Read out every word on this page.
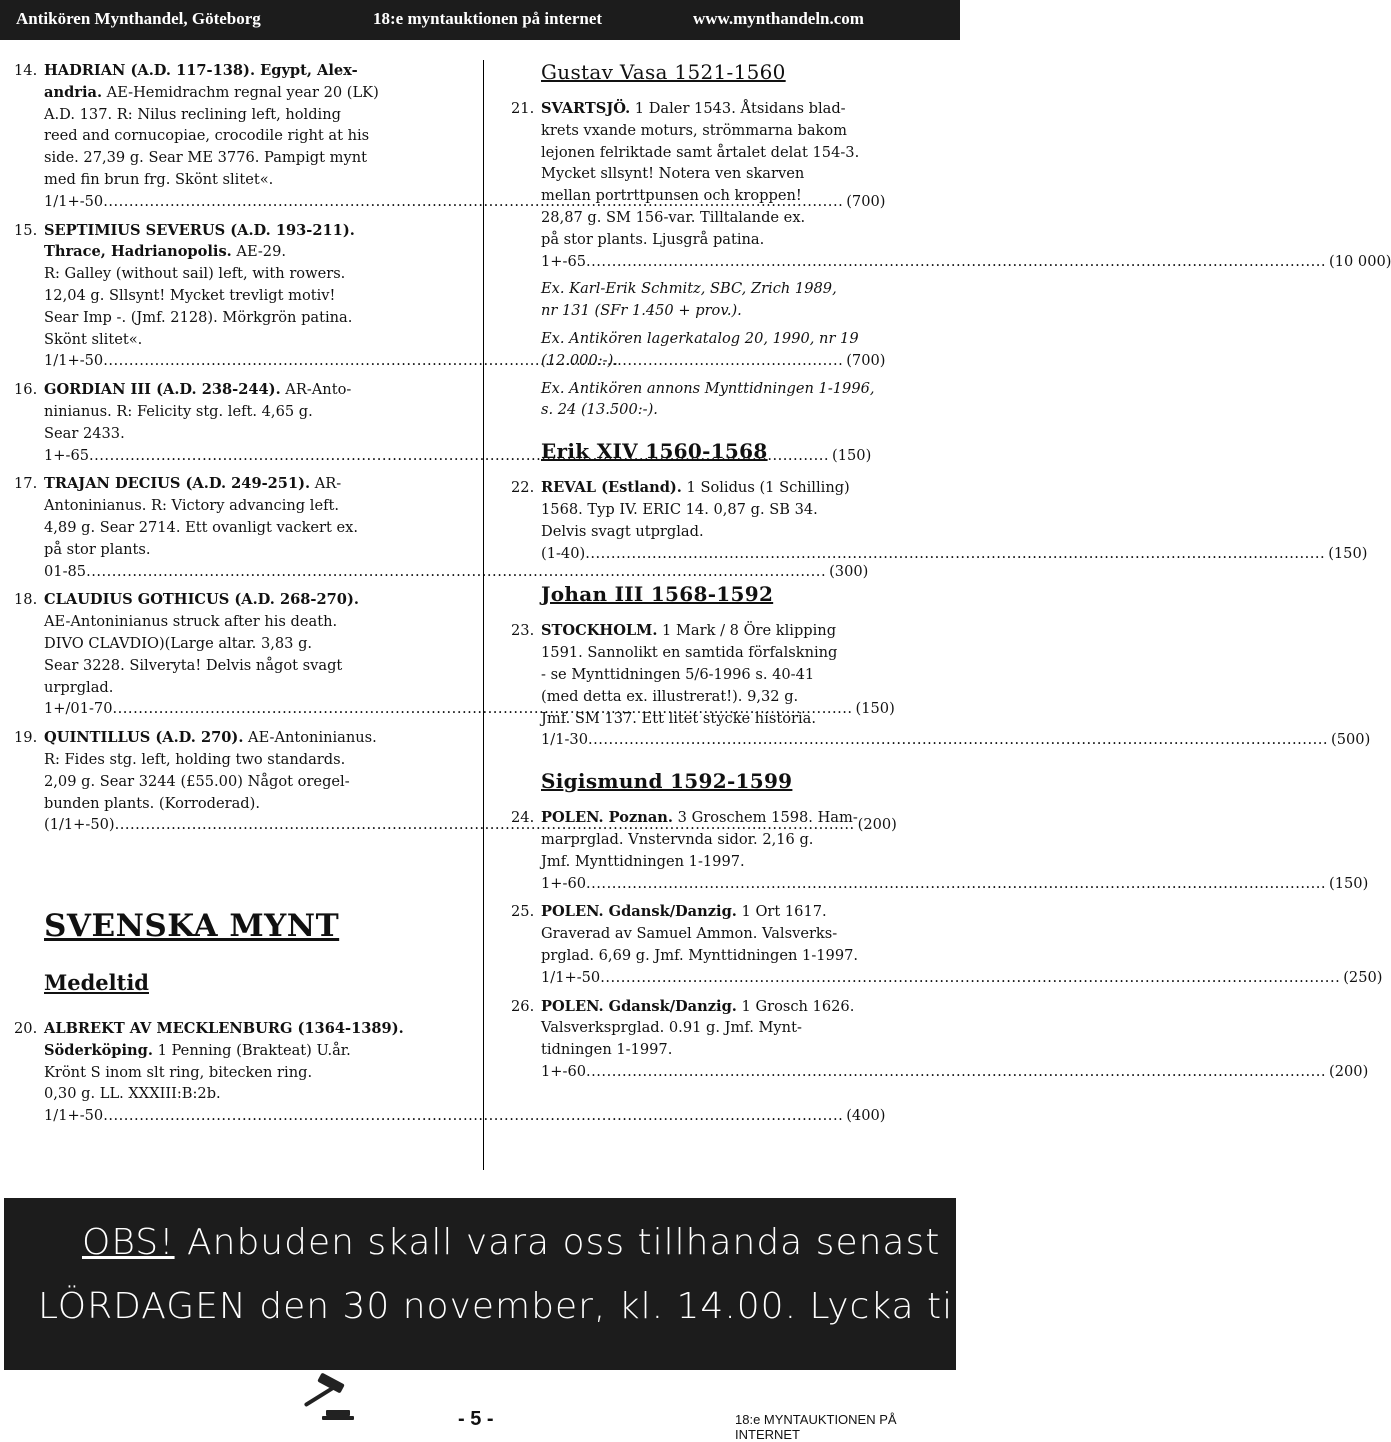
Antikören Mynthandel, Göteborg	18:e myntauktionen på internet	www.mynthandeln.com
14. HADRIAN (A.D. 117-138). Egypt, Alex-
andria. AE-Hemidrachm regnal year 20 (LK)
A.D. 137. R: Nilus reclining left, holding
reed and cornucopiae, crocodile right at his
side. 27,39 g. Sear ME 3776. Pampigt mynt
med fin brun frg. Skönt slitet«.
1/1+-50 .....	(700)
15. SEPTIMIUS SEVERUS (A.D. 193-211).
Thrace, Hadrianopolis. AE-29.
R: Galley (without sail) left, with rowers.
12,04 g. Sllsynt! Mycket trevligt motiv!
Sear Imp -. (Jmf. 2128). Mörkgrön patina.
Skönt slitet«.
1/1+-50 .....	(700)
16. GORDIAN III (A.D. 238-244). AR-Anto-
ninianus. R: Felicity stg. left. 4,65 g.
Sear 2433.
1+-65 .....	(150)
17. TRAJAN DECIUS (A.D. 249-251). AR-
Antoninianus. R: Victory advancing left.
4,89 g. Sear 2714. Ett ovanligt vackert ex.
på stor plants.
01-85 .....	(300)
18. CLAUDIUS GOTHICUS (A.D. 268-270).
AE-Antoninianus struck after his death.
DIVO CLAVDIO)(Large altar. 3,83 g.
Sear 3228. Silveryta! Delvis något svagt
urprglad.
1+/01-70 .....	(150)
19. QUINTILLUS (A.D. 270). AE-Antoninianus.
R: Fides stg. left, holding two standards.
2,09 g. Sear 3244 (£55.00) Något oregel-
bunden plants. (Korroderad).
(1/1+-50) .....	(200)
Gustav Vasa 1521-1560
21. SVARTSJÖ. 1 Daler 1543. Åtsidans blad-
krets vxande moturs, strömmarna bakom
lejonen felriktade samt årtalet delat 154-3.
Mycket sllsynt! Notera ven skarven
mellan portrttpunsen och kroppen!
28,87 g. SM 156-var. Tilltalande ex.
på stor plants. Ljusgrå patina.
1+-65 .....	(10 000)
Ex. Karl-Erik Schmitz, SBC, Zrich 1989,
nr 131 (SFr 1.450 + prov.).
Ex. Antikören lagerkatalog 20, 1990, nr 19
(12.000:-).
Ex. Antikören annons Mynttidningen 1-1996,
s. 24 (13.500:-).
Erik XIV 1560-1568
22. REVAL (Estland). 1 Solidus (1 Schilling)
1568. Typ IV. ERIC 14. 0,87 g. SB 34.
Delvis svagt utprglad.
(1-40) .....	(150)
Johan III 1568-1592
23. STOCKHOLM. 1 Mark / 8 Öre klipping
1591. Sannolikt en samtida förfalskning
- se Mynttidningen 5/6-1996 s. 40-41
(med detta ex. illustrerat!). 9,32 g.
Jmf. SM 137. Ett litet stycke historia.
1/1-30 .....	(500)
Sigismund 1592-1599
24. POLEN. Poznan. 3 Groschem 1598. Ham-
marprglad. Vnstervnda sidor. 2,16 g.
Jmf. Mynttidningen 1-1997.
1+-60 .....	(150)
25. POLEN. Gdansk/Danzig. 1 Ort 1617.
Graverad av Samuel Ammon. Valsverks-
prglad. 6,69 g. Jmf. Mynttidningen 1-1997.
1/1+-50 .....	(250)
26. POLEN. Gdansk/Danzig. 1 Grosch 1626.
Valsverksprglad. 0.91 g. Jmf. Mynt-
tidningen 1-1997.
1+-60 .....	(200)
SVENSKA MYNT
Medeltid
20. ALBREKT AV MECKLENBURG (1364-1389).
Söderköping. 1 Penning (Brakteat) U.år.
Krönt S inom slt ring, bitecken ring.
0,30 g. LL. XXXIII:B:2b.
1/1+-50 .....	(400)
OBS! Anbuden skall vara oss tillhanda senast
LÖRDAGEN den 30 november, kl. 14.00. Lycka till !
- 5 -	18:e MYNTAUKTIONEN PÅ INTERNET
